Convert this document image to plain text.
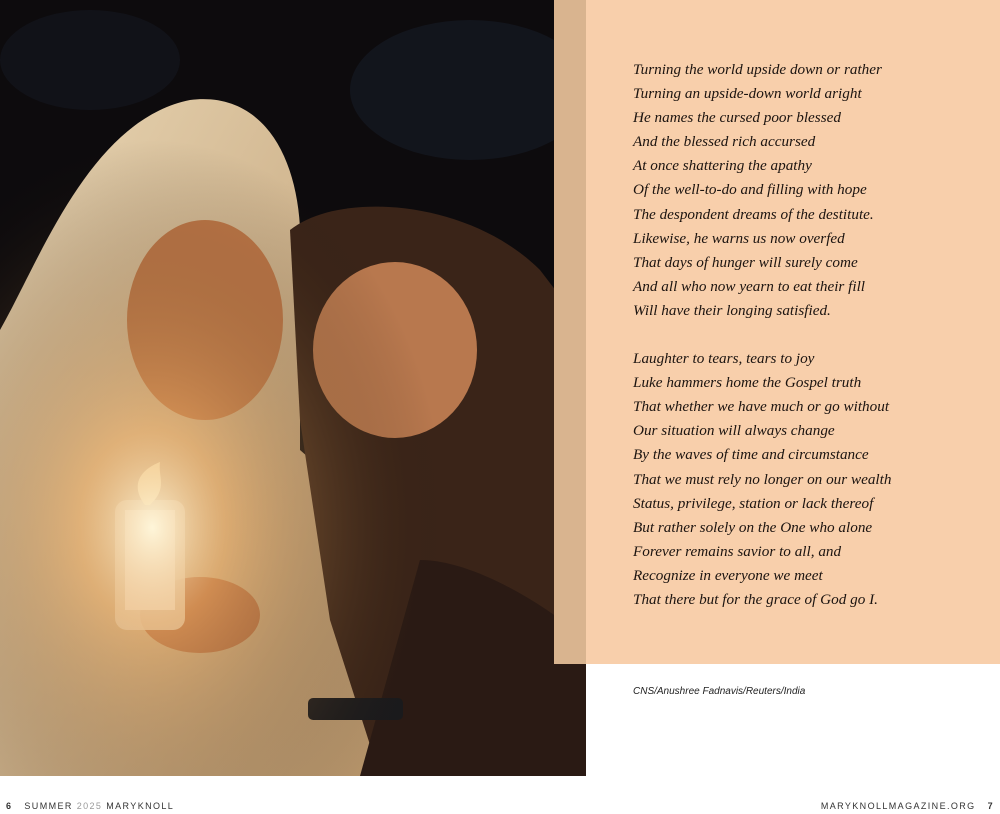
Turning the world upside down or rather
Turning an upside-down world aright
He names the cursed poor blessed
And the blessed rich accursed
At once shattering the apathy
Of the well-to-do and filling with hope
The despondent dreams of the destitute.
Likewise, he warns us now overfed
That days of hunger will surely come
And all who now yearn to eat their fill
Will have their longing satisfied.
Laughter to tears, tears to joy
Luke hammers home the Gospel truth
That whether we have much or go without
Our situation will always change
By the waves of time and circumstance
That we must rely no longer on our wealth
Status, privilege, station or lack thereof
But rather solely on the One who alone
Forever remains savior to all, and
Recognize in everyone we meet
That there but for the grace of God go I.
CNS/Anushree Fadnavis/Reuters/India
6 SUMMER 2025 MARYKNOLL	MARYKNOLLMAGAZINE.ORG 7
